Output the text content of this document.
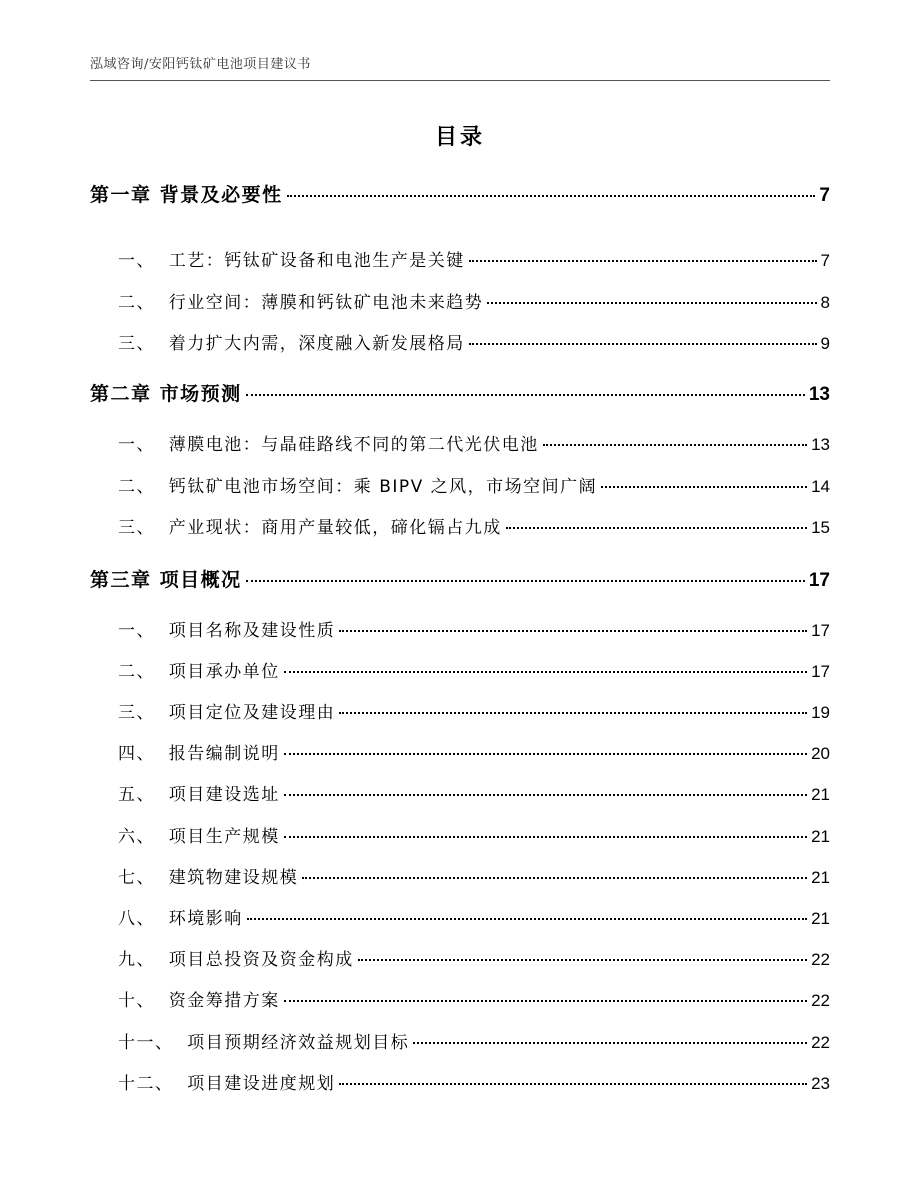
泓域咨询/安阳钙钛矿电池项目建议书
目录
第一章 背景及必要性	7
一、  工艺：钙钛矿设备和电池生产是关键	7
二、  行业空间：薄膜和钙钛矿电池未来趋势	8
三、  着力扩大内需，深度融入新发展格局	9
第二章 市场预测	13
一、  薄膜电池：与晶硅路线不同的第二代光伏电池	13
二、  钙钛矿电池市场空间：乘 BIPV 之风，市场空间广阔	14
三、  产业现状：商用产量较低，碲化镉占九成	15
第三章 项目概况	17
一、  项目名称及建设性质	17
二、  项目承办单位	17
三、  项目定位及建设理由	19
四、  报告编制说明	20
五、  项目建设选址	21
六、  项目生产规模	21
七、  建筑物建设规模	21
八、  环境影响	21
九、  项目总投资及资金构成	22
十、  资金筹措方案	22
十一、  项目预期经济效益规划目标	22
十二、  项目建设进度规划	23
